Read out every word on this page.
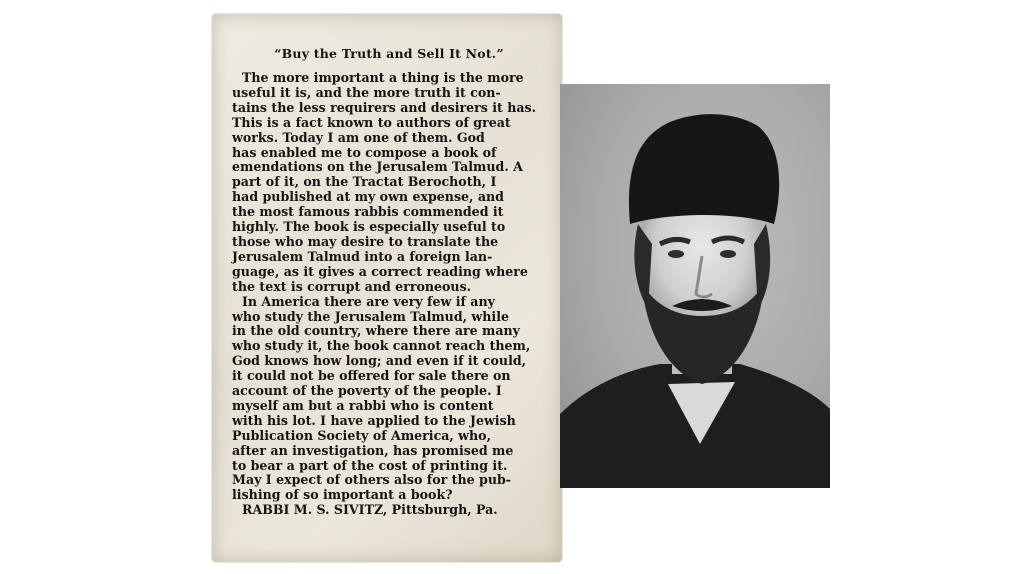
“Buy the Truth and Sell It Not.”
The more important a thing is the more
useful it is, and the more truth it con-
tains the less requirers and desirers it has.
This is a fact known to authors of great
works. Today I am one of them. God
has enabled me to compose a book of
emendations on the Jerusalem Talmud. A
part of it, on the Tractat Berochoth, I
had published at my own expense, and
the most famous rabbis commended it
highly. The book is especially useful to
those who may desire to translate the
Jerusalem Talmud into a foreign lan-
guage, as it gives a correct reading where
the text is corrupt and erroneous.
In America there are very few if any
who study the Jerusalem Talmud, while
in the old country, where there are many
who study it, the book cannot reach them,
God knows how long; and even if it could,
it could not be offered for sale there on
account of the poverty of the people. I
myself am but a rabbi who is content
with his lot. I have applied to the Jewish
Publication Society of America, who,
after an investigation, has promised me
to bear a part of the cost of printing it.
May I expect of others also for the pub-
lishing of so important a book?
RABBI M. S. SIVITZ, Pittsburgh, Pa.
